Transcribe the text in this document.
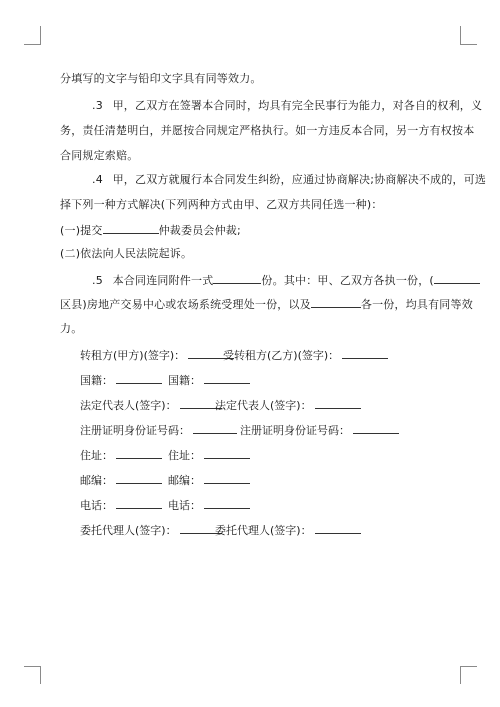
分填写的文字与铅印文字具有同等效力。
.3 甲，乙双方在签署本合同时，均具有完全民事行为能力，对各自的权利，义
务，责任清楚明白，并愿按合同规定严格执行。如一方违反本合同，另一方有权按本
合同规定索赔。
.4 甲，乙双方就履行本合同发生纠纷，应通过协商解决;协商解决不成的，可选
择下列一种方式解决(下列两种方式由甲、乙双方共同任选一种)：
(一)提交	仲裁委员会仲裁;
(二)依法向人民法院起诉。
.5 本合同连同附件一式	份。其中：甲、乙双方各执一份，(
区县)房地产交易中心或农场系统受理处一份，以及	各一份，均具有同等效
力。
转租方(甲方)(签字)：	受转租方(乙方)(签字)：
国籍：	国籍：
法定代表人(签字)：	法定代表人(签字)：
注册证明身份证号码：	注册证明身份证号码：
住址：	住址：
邮编：	邮编：
电话：	电话：
委托代理人(签字)：	委托代理人(签字)：
